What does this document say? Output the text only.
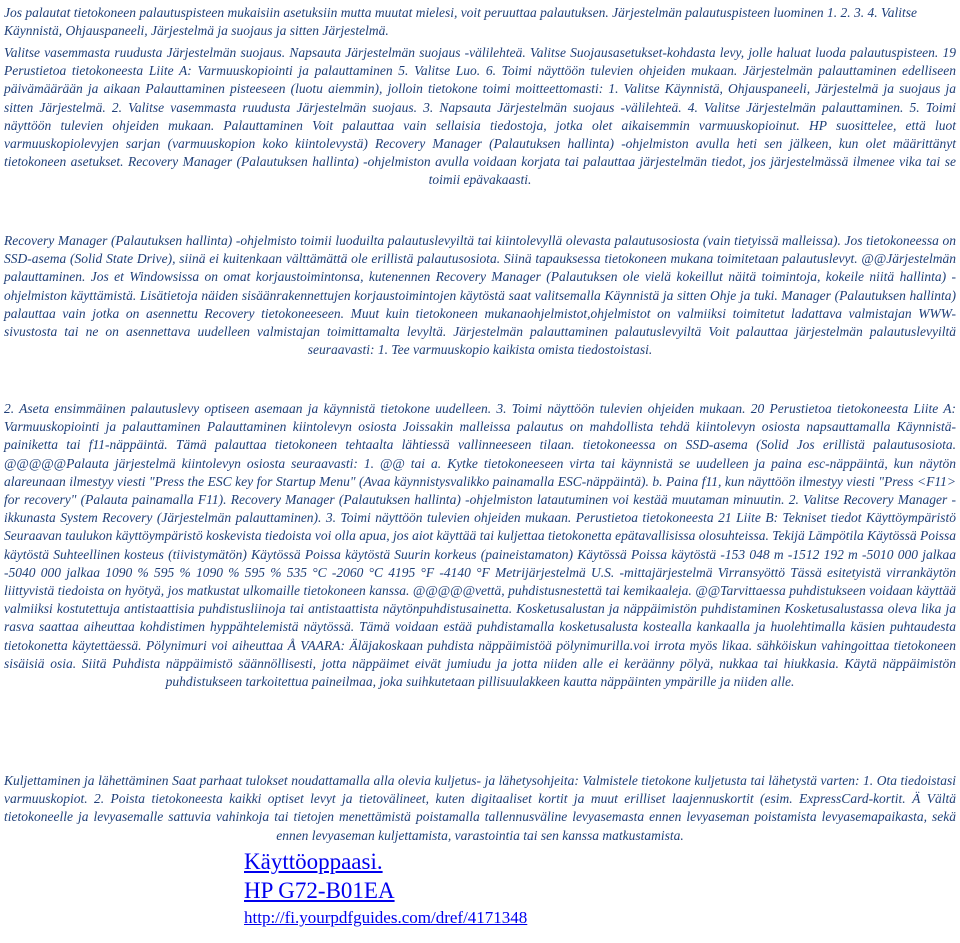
Jos palautat tietokoneen palautuspisteen mukaisiin asetuksiin mutta muutat mielesi, voit peruuttaa palautuksen. Järjestelmän palautuspisteen luominen 1. 2. 3. 4. Valitse Käynnistä, Ohjauspaneeli, Järjestelmä ja suojaus ja sitten Järjestelmä.

Valitse vasemmasta ruudusta Järjestelmän suojaus. Napsauta Järjestelmän suojaus -välilehteä. Valitse Suojausasetukset-kohdasta levy, jolle haluat luoda palautuspisteen. 19 Perustietoa tietokoneesta Liite A: Varmuuskopiointi ja palauttaminen 5. Valitse Luo. 6. Toimi näyttöön tulevien ohjeiden mukaan. Järjestelmän palauttaminen edelliseen päivämäärään ja aikaan Palauttaminen pisteeseen (luotu aiemmin), jolloin tietokone toimi moitteettomasti: 1. Valitse Käynnistä, Ohjauspaneeli, Järjestelmä ja suojaus ja sitten Järjestelmä. 2. Valitse vasemmasta ruudusta Järjestelmän suojaus. 3. Napsauta Järjestelmän suojaus -välilehteä. 4. Valitse Järjestelmän palauttaminen. 5. Toimi näyttöön tulevien ohjeiden mukaan. Palauttaminen Voit palauttaa vain sellaisia tiedostoja, jotka olet aikaisemmin varmuuskopioinut. HP suosittelee, että luot varmuuskopiolevyjen sarjan (varmuuskopion koko kiintolevystä) Recovery Manager (Palautuksen hallinta) -ohjelmiston avulla heti sen jälkeen, kun olet määrittänyt tietokoneen asetukset. Recovery Manager (Palautuksen hallinta) -ohjelmiston avulla voidaan korjata tai palauttaa järjestelmän tiedot, jos järjestelmässä ilmenee vika tai se toimii epävakaasti.

Recovery Manager (Palautuksen hallinta) -ohjelmisto toimii luoduilta palautuslevyiltä tai kiintolevyllä olevasta palautusosiosta (vain tietyissä malleissa). Jos tietokoneessa on SSD-asema (Solid State Drive), siinä ei kuitenkaan välttämättä ole erillistä palautusosiota. Siinä tapauksessa tietokoneen mukana toimitetaan palautuslevyt. @@Järjestelmän palauttaminen. Jos et Windowsissa on omat korjaustoimintonsa, kutenennen Recovery Manager (Palautuksen ole vielä kokeillut näitä toimintoja, kokeile niitä hallinta) -ohjelmiston käyttämistä. Lisätietoja näiden sisäänrakennettujen korjaustoimintojen käytöstä saat valitsemalla Käynnistä ja sitten Ohje ja tuki. Manager (Palautuksen hallinta) palauttaa vain jotka on asennettu Recovery tietokoneeseen. Muut kuin tietokoneen mukanaohjelmistot,ohjelmistot on valmiiksi toimitetut ladattava valmistajan WWW-sivustosta tai ne on asennettava uudelleen valmistajan toimittamalta levyltä. Järjestelmän palauttaminen palautuslevyiltä Voit palauttaa järjestelmän palautuslevyiltä seuraavasti: 1. Tee varmuuskopio kaikista omista tiedostoistasi.

2. Aseta ensimmäinen palautuslevy optiseen asemaan ja käynnistä tietokone uudelleen. 3. Toimi näyttöön tulevien ohjeiden mukaan. 20 Perustietoa tietokoneesta Liite A: Varmuuskopiointi ja palauttaminen Palauttaminen kiintolevyn osiosta Joissakin malleissa palautus on mahdollista tehdä kiintolevyn osiosta napsauttamalla Käynnistä-painiketta tai f11-näppäintä. Tämä palauttaa tietokoneen tehtaalta lähtiessä vallinneeseen tilaan. tietokoneessa on SSD-asema (Solid Jos erillistä palautusosiota. @@@@@Palauta järjestelmä kiintolevyn osiosta seuraavasti: 1. @@ tai a. Kytke tietokoneeseen virta tai käynnistä se uudelleen ja paina esc-näppäintä, kun näytön alareunaan ilmestyy viesti "Press the ESC key for Startup Menu" (Avaa käynnistysvalikko painamalla ESC-näppäintä). b. Paina f11, kun näyttöön ilmestyy viesti "Press <F11> for recovery" (Palauta painamalla F11). Recovery Manager (Palautuksen hallinta) -ohjelmiston latautuminen voi kestää muutaman minuutin. 2. Valitse Recovery Manager -ikkunasta System Recovery (Järjestelmän palauttaminen). 3. Toimi näyttöön tulevien ohjeiden mukaan. Perustietoa tietokoneesta 21 Liite B: Tekniset tiedot Käyttöympäristö Seuraavan taulukon käyttöympäristö koskevista tiedoista voi olla apua, jos aiot käyttää tai kuljettaa tietokonetta epätavallisissa olosuhteissa. Tekijä Lämpötila Käytössä Poissa käytöstä Suhteellinen kosteus (tiivistymätön) Käytössä Poissa käytöstä Suurin korkeus (paineistamaton) Käytössä Poissa käytöstä -153 048 m -1512 192 m -5010 000 jalkaa -5040 000 jalkaa 1090 % 595 % 1090 % 595 % 535 °C -2060 °C 4195 °F -4140 °F Metrijärjestelmä U.S. -mittajärjestelmä Virransyöttö Tässä esitetyistä virrankäytön liittyvistä tiedoista on hyötyä, jos matkustat ulkomaille tietokoneen kanssa. @@@@@vettä, puhdistusnestettä tai kemikaaleja. @@Tarvittaessa puhdistukseen voidaan käyttää valmiiksi kostutettuja antistaattisia puhdistusliinoja tai antistaattista näytönpuhdistusainetta. Kosketusalustan ja näppäimistön puhdistaminen Kosketusalustassa oleva lika ja rasva saattaa aiheuttaa kohdistimen hyppähtelemistä näytössä. Tämä voidaan estää puhdistamalla kosketusalusta kostealla kankaalla ja huolehtimalla käsien puhtaudesta tietokonetta käytettäessä. Pölynimuri voi aiheuttaa Å VAARA: Äläjakoskaan puhdista näppäimistöä pölynimurilla.voi irrota myös likaa. sähköiskun vahingoittaa tietokoneen sisäisiä osia. Siitä Puhdista näppäimistö säännöllisesti, jotta näppäimet eivät jumiudu ja jotta niiden alle ei keräänny pölyä, nukkaa tai hiukkasia. Käytä näppäimistön puhdistukseen tarkoitettua paineilmaa, joka suihkutetaan pillisuulakkeen kautta näppäinten ympärille ja niiden alle.

Kuljettaminen ja lähettäminen Saat parhaat tulokset noudattamalla alla olevia kuljetus- ja lähetysohjeita: Valmistele tietokone kuljetusta tai lähetystä varten: 1. Ota tiedoistasi varmuuskopiot. 2. Poista tietokoneesta kaikki optiset levyt ja tietovälineet, kuten digitaaliset kortit ja muut erilliset laajennuskortit (esim. ExpressCard-kortit. Ä Vältä tietokoneelle ja levyasemalle sattuvia vahinkoja tai tietojen menettämistä poistamalla tallennusväline levyasemasta ennen levyaseman poistamista levyasemapaikasta, sekä ennen levyaseman kuljettamista, varastointia tai sen kanssa matkustamista.

Käyttöoppaasi.
HP G72-B01EA
http://fi.yourpdfguides.com/dref/4171348
